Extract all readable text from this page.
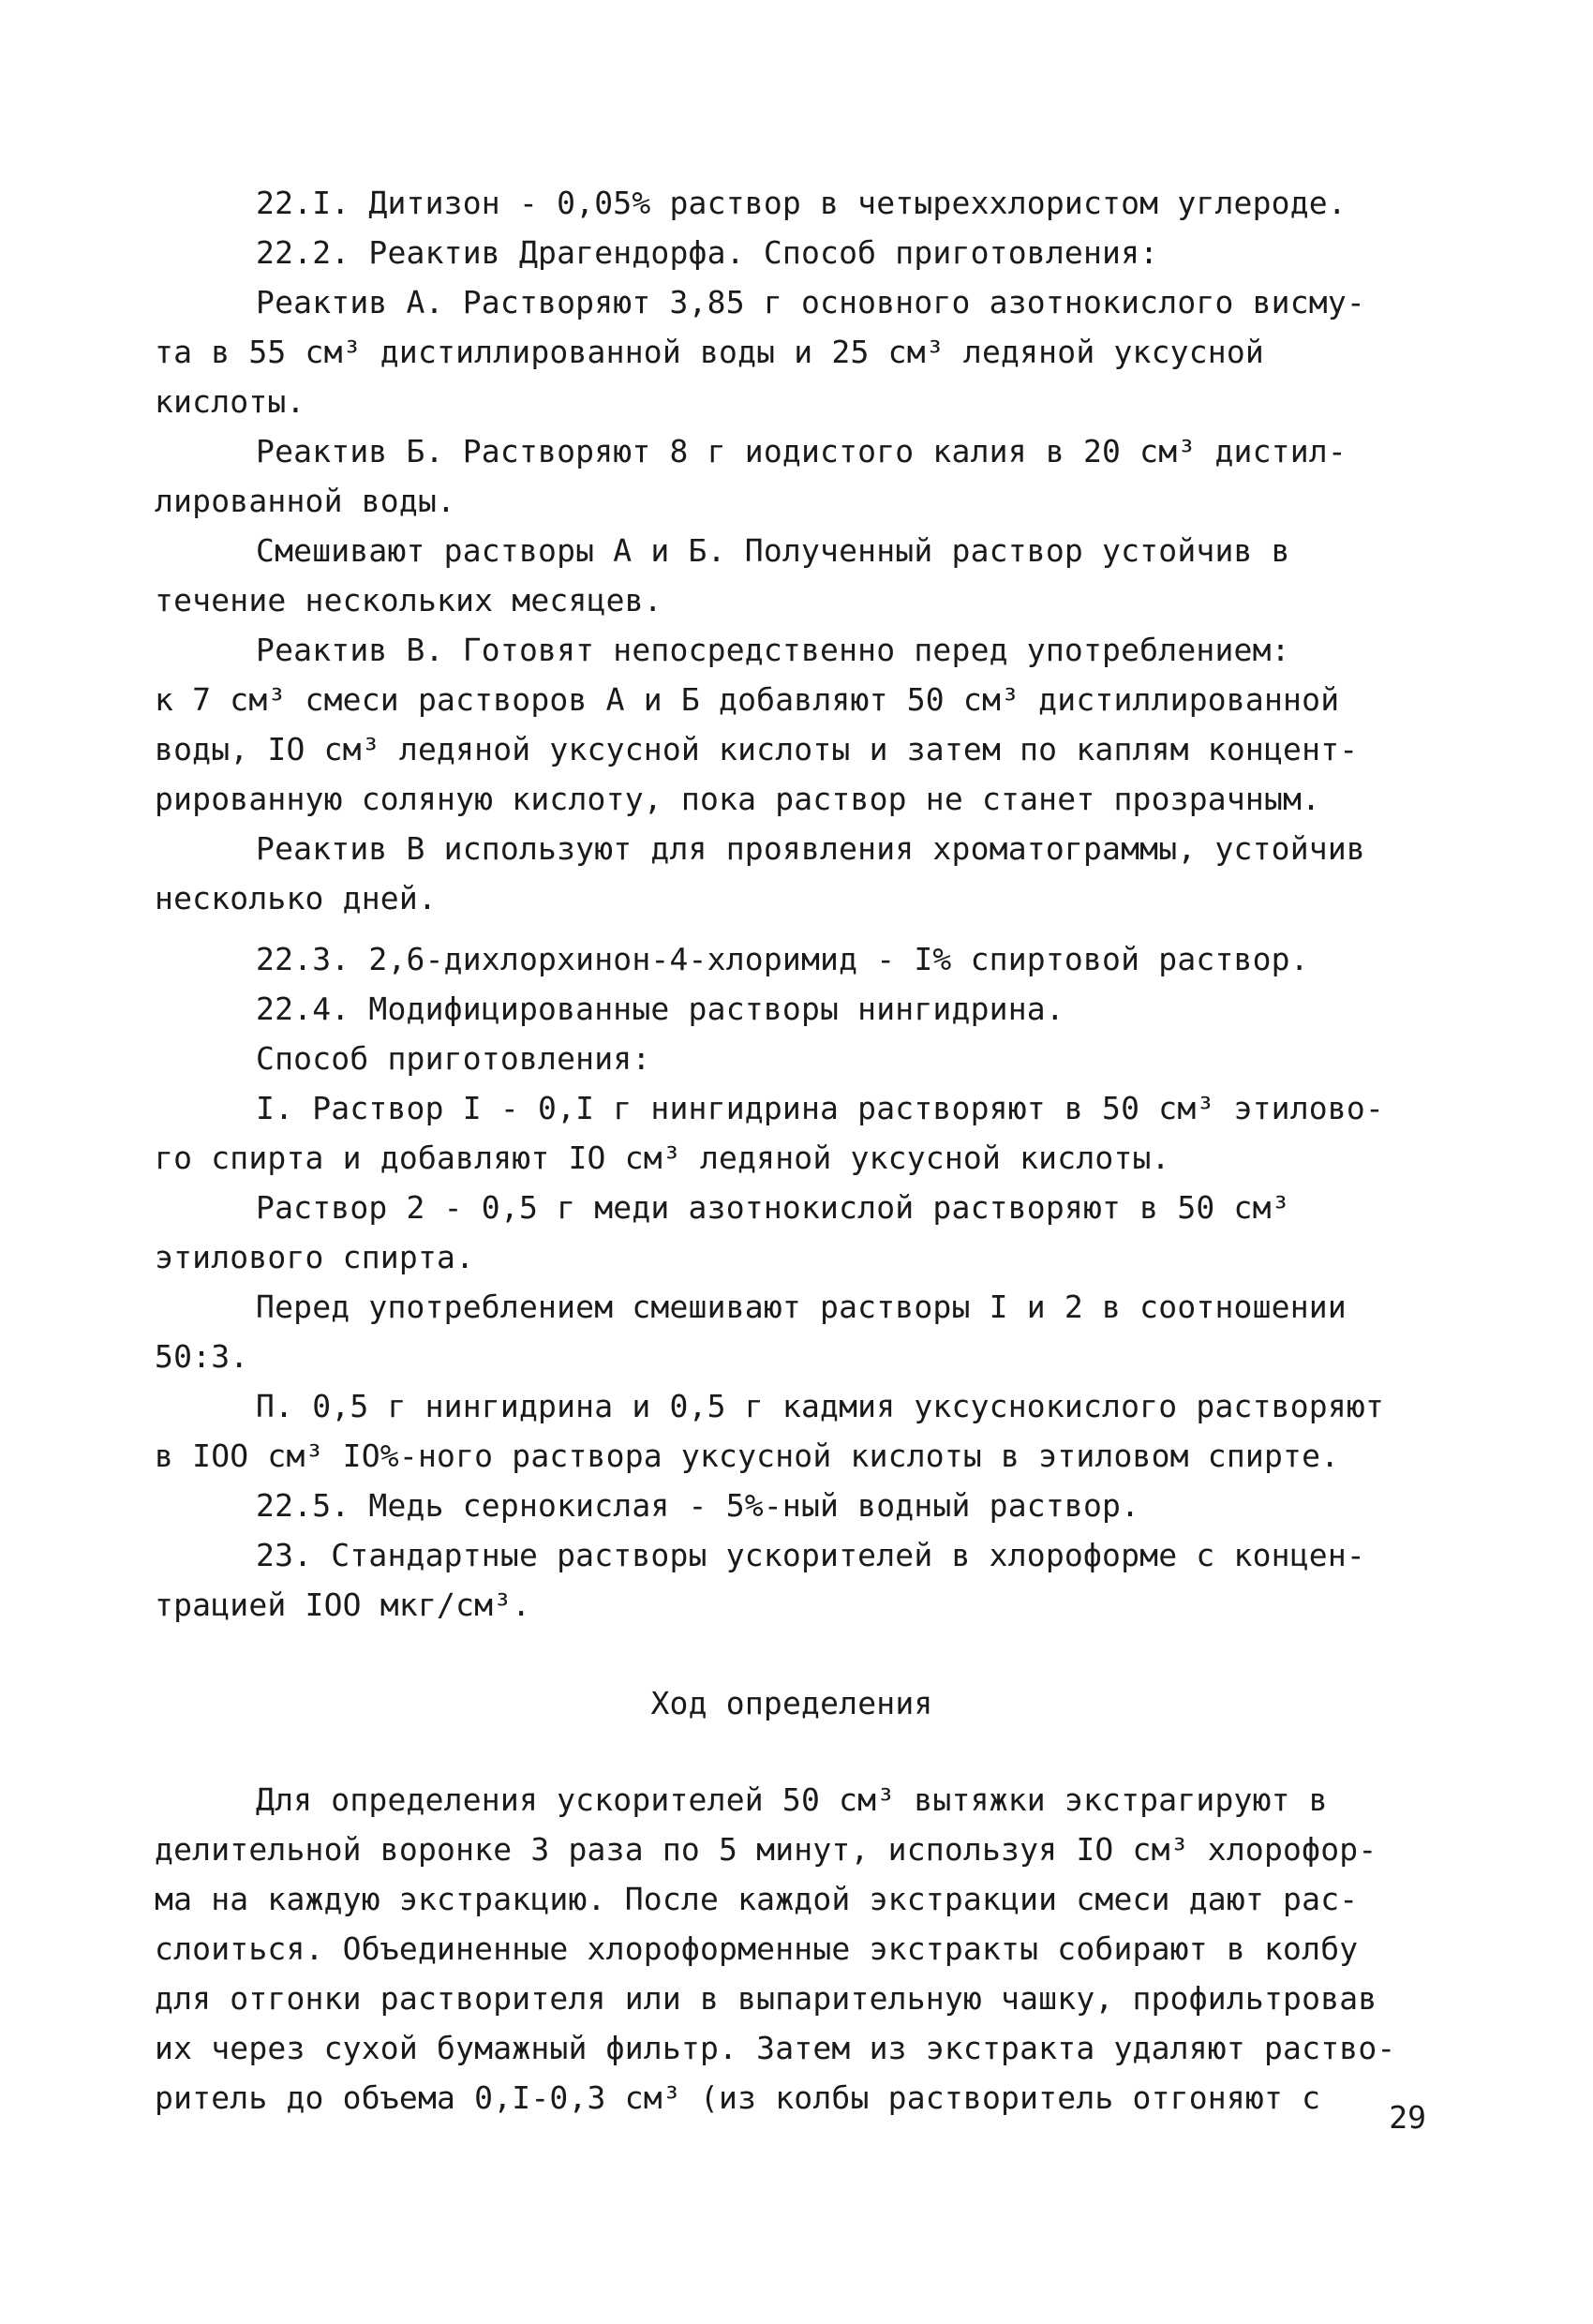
22.I. Дитизон - 0,05% раствор в четыреххлористом углероде.

22.2. Реактив Драгендорфа. Способ приготовления:

Реактив А. Растворяют 3,85 г основного азотнокислого висму-

та в 55 см³ дистиллированной воды и 25 см³ ледяной уксусной

кислоты.

Реактив Б. Растворяют 8 г иодистого калия в 20 см³ дистил-

лированной воды.

Смешивают растворы А и Б. Полученный раствор устойчив в

течение нескольких месяцев.

Реактив В. Готовят непосредственно перед употреблением:

к 7 см³ смеси растворов А и Б добавляют 50 см³ дистиллированной

воды, IO см³ ледяной уксусной кислоты и затем по каплям концент-

рированную соляную кислоту, пока раствор не станет прозрачным.

Реактив В используют для проявления хроматограммы, устойчив

несколько дней.

22.3. 2,6-дихлорхинон-4-хлоримид - I% спиртовой раствор.

22.4. Модифицированные растворы нингидрина.

Способ приготовления:

I. Раствор I - 0,I г нингидрина растворяют в 50 см³ этилово-

го спирта и добавляют IO см³ ледяной уксусной кислоты.

Раствор 2 - 0,5 г меди азотнокислой растворяют в 50 см³

этилового спирта.

Перед употреблением смешивают растворы I и 2 в соотношении

50:3.

П. 0,5 г нингидрина и 0,5 г кадмия уксуснокислого растворяют

в IOO см³ IO%-ного раствора уксусной кислоты в этиловом спирте.

22.5. Медь сернокислая - 5%-ный водный раствор.

23. Стандартные растворы ускорителей в хлороформе с концен-

трацией IOO мкг/см³.

Ход определения

Для определения ускорителей 50 см³ вытяжки экстрагируют в

делительной воронке 3 раза по 5 минут, используя IO см³ хлорофор-

ма на каждую экстракцию. После каждой экстракции смеси дают рас-

слоиться. Объединенные хлороформенные экстракты собирают в колбу

для отгонки растворителя или в выпарительную чашку, профильтровав

их через сухой бумажный фильтр. Затем из экстракта удаляют раство-

ритель до объема 0,I-0,3 см³ (из колбы растворитель отгоняют с

29
